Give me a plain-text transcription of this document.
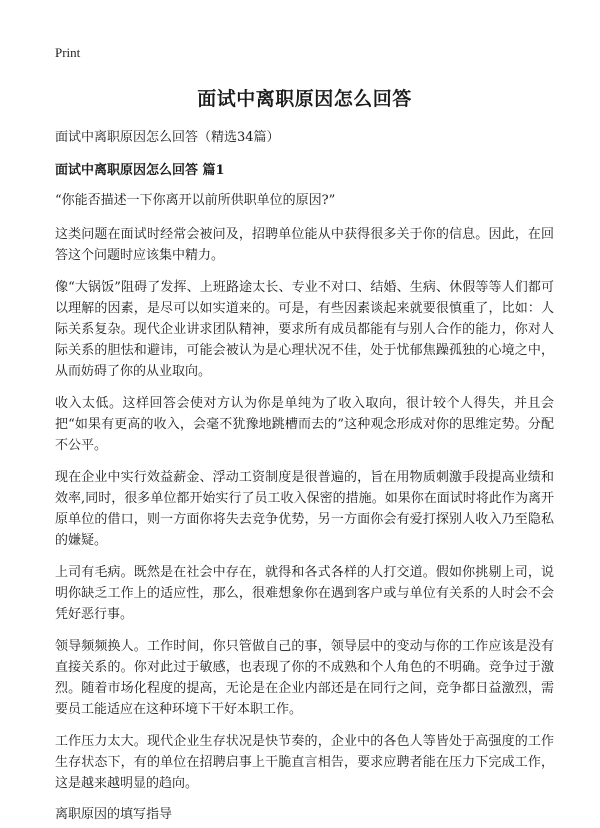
Print
面试中离职原因怎么回答
面试中离职原因怎么回答（精选34篇）
面试中离职原因怎么回答 篇1

“你能否描述一下你离开以前所供职单位的原因?”

这类问题在面试时经常会被问及，招聘单位能从中获得很多关于你的信息。因此，在回答这个问题时应该集中精力。

像“大锅饭”阻碍了发挥、上班路途太长、专业不对口、结婚、生病、休假等等人们都可以理解的因素，是尽可以如实道来的。可是，有些因素谈起来就要很慎重了，比如：人际关系复杂。现代企业讲求团队精神，要求所有成员都能有与别人合作的能力，你对人际关系的胆怯和避讳，可能会被认为是心理状况不佳，处于忧郁焦躁孤独的心境之中，从而妨碍了你的从业取向。

收入太低。这样回答会使对方认为你是单纯为了收入取向，很计较个人得失，并且会把“如果有更高的收入，会毫不犹豫地跳槽而去的”这种观念形成对你的思维定势。分配不公平。

现在企业中实行效益薪金、浮动工资制度是很普遍的，旨在用物质刺激手段提高业绩和效率,同时，很多单位都开始实行了员工收入保密的措施。如果你在面试时将此作为离开原单位的借口，则一方面你将失去竞争优势，另一方面你会有爱打探别人收入乃至隐私的嫌疑。

上司有毛病。既然是在社会中存在，就得和各式各样的人打交道。假如你挑剔上司，说明你缺乏工作上的适应性，那么，很难想象你在遇到客户或与单位有关系的人时会不会凭好恶行事。

领导频频换人。工作时间，你只管做自己的事，领导层中的变动与你的工作应该是没有直接关系的。你对此过于敏感，也表现了你的不成熟和个人角色的不明确。竞争过于激烈。随着市场化程度的提高，无论是在企业内部还是在同行之间，竞争都日益激烈，需要员工能适应在这种环境下干好本职工作。

工作压力太大。现代企业生存状况是快节奏的，企业中的各色人等皆处于高强度的工作生存状态下，有的单位在招聘启事上干脆直言相告，要求应聘者能在压力下完成工作，这是越来越明显的趋向。

离职原因的填写指导
